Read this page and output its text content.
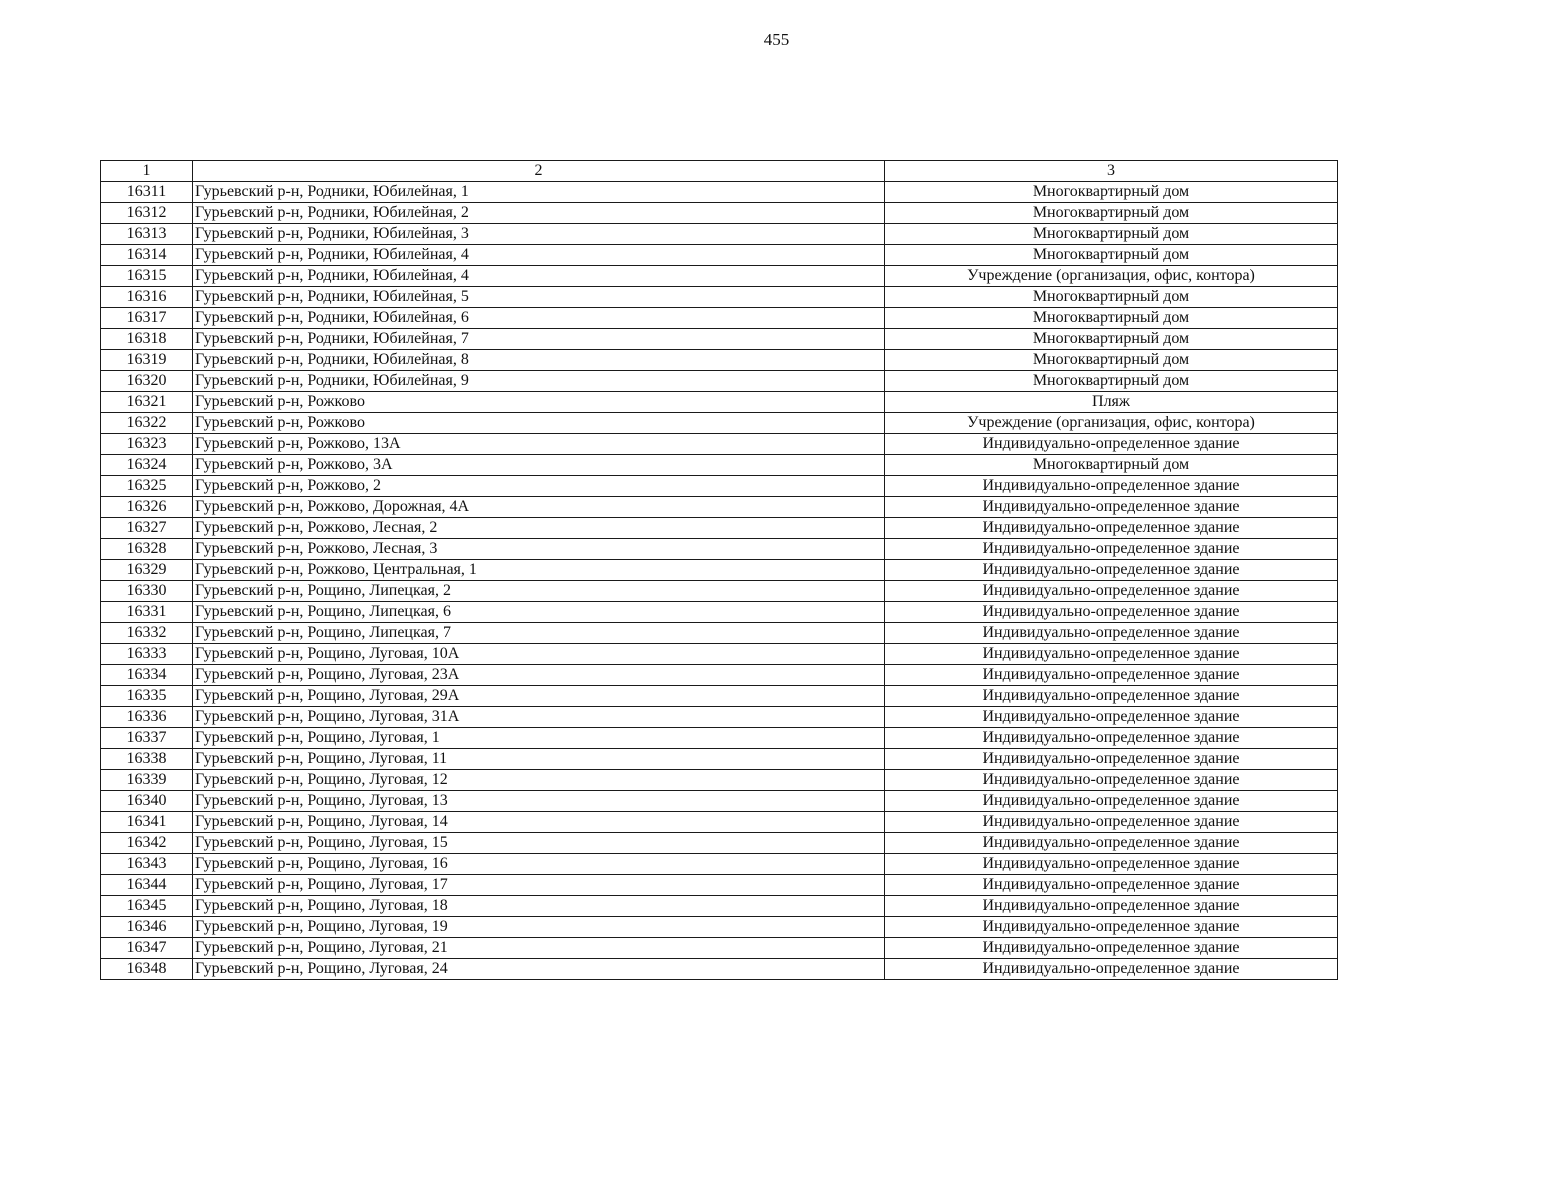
455
1	2	3
16311	Гурьевский р-н, Родники, Юбилейная, 1	Многоквартирный дом
16312	Гурьевский р-н, Родники, Юбилейная, 2	Многоквартирный дом
16313	Гурьевский р-н, Родники, Юбилейная, 3	Многоквартирный дом
16314	Гурьевский р-н, Родники, Юбилейная, 4	Многоквартирный дом
16315	Гурьевский р-н, Родники, Юбилейная, 4	Учреждение (организация, офис, контора)
16316	Гурьевский р-н, Родники, Юбилейная, 5	Многоквартирный дом
16317	Гурьевский р-н, Родники, Юбилейная, 6	Многоквартирный дом
16318	Гурьевский р-н, Родники, Юбилейная, 7	Многоквартирный дом
16319	Гурьевский р-н, Родники, Юбилейная, 8	Многоквартирный дом
16320	Гурьевский р-н, Родники, Юбилейная, 9	Многоквартирный дом
16321	Гурьевский р-н, Рожково	Пляж
16322	Гурьевский р-н, Рожково	Учреждение (организация, офис, контора)
16323	Гурьевский р-н, Рожково, 13А	Индивидуально-определенное здание
16324	Гурьевский р-н, Рожково, 3А	Многоквартирный дом
16325	Гурьевский р-н, Рожково, 2	Индивидуально-определенное здание
16326	Гурьевский р-н, Рожково, Дорожная, 4А	Индивидуально-определенное здание
16327	Гурьевский р-н, Рожково, Лесная, 2	Индивидуально-определенное здание
16328	Гурьевский р-н, Рожково, Лесная, 3	Индивидуально-определенное здание
16329	Гурьевский р-н, Рожково, Центральная, 1	Индивидуально-определенное здание
16330	Гурьевский р-н, Рощино, Липецкая, 2	Индивидуально-определенное здание
16331	Гурьевский р-н, Рощино, Липецкая, 6	Индивидуально-определенное здание
16332	Гурьевский р-н, Рощино, Липецкая, 7	Индивидуально-определенное здание
16333	Гурьевский р-н, Рощино, Луговая, 10А	Индивидуально-определенное здание
16334	Гурьевский р-н, Рощино, Луговая, 23А	Индивидуально-определенное здание
16335	Гурьевский р-н, Рощино, Луговая, 29А	Индивидуально-определенное здание
16336	Гурьевский р-н, Рощино, Луговая, 31А	Индивидуально-определенное здание
16337	Гурьевский р-н, Рощино, Луговая, 1	Индивидуально-определенное здание
16338	Гурьевский р-н, Рощино, Луговая, 11	Индивидуально-определенное здание
16339	Гурьевский р-н, Рощино, Луговая, 12	Индивидуально-определенное здание
16340	Гурьевский р-н, Рощино, Луговая, 13	Индивидуально-определенное здание
16341	Гурьевский р-н, Рощино, Луговая, 14	Индивидуально-определенное здание
16342	Гурьевский р-н, Рощино, Луговая, 15	Индивидуально-определенное здание
16343	Гурьевский р-н, Рощино, Луговая, 16	Индивидуально-определенное здание
16344	Гурьевский р-н, Рощино, Луговая, 17	Индивидуально-определенное здание
16345	Гурьевский р-н, Рощино, Луговая, 18	Индивидуально-определенное здание
16346	Гурьевский р-н, Рощино, Луговая, 19	Индивидуально-определенное здание
16347	Гурьевский р-н, Рощино, Луговая, 21	Индивидуально-определенное здание
16348	Гурьевский р-н, Рощино, Луговая, 24	Индивидуально-определенное здание
